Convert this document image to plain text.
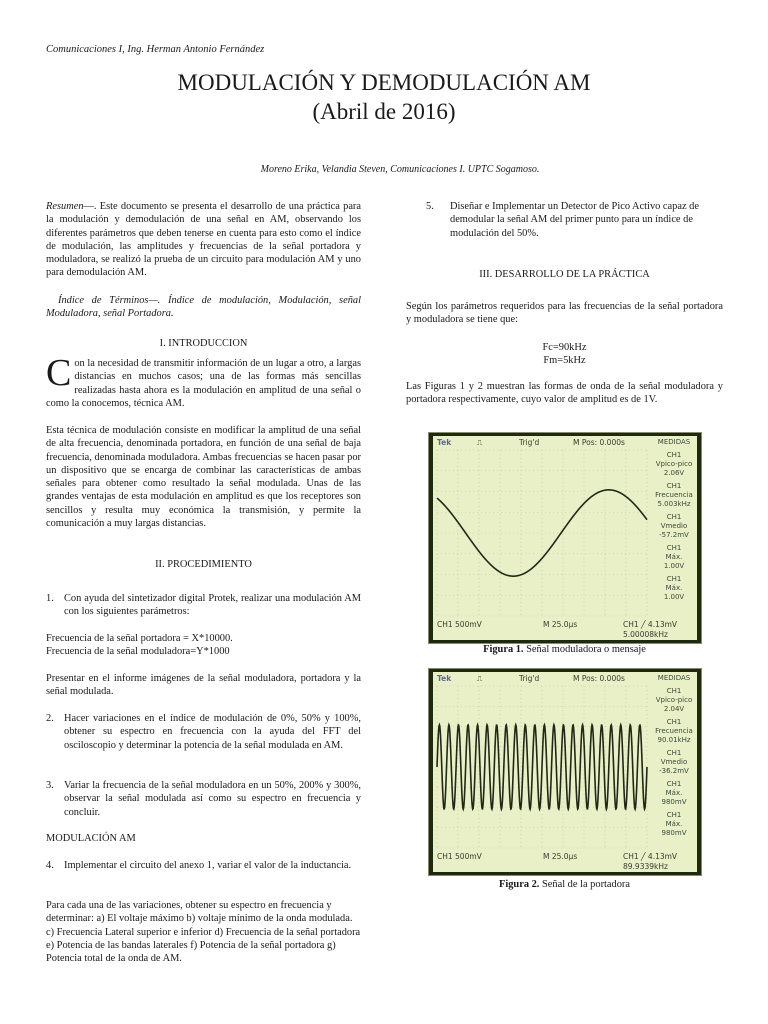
Comunicaciones I, Ing. Herman Antonio Fernández
MODULACIÓN Y DEMODULACIÓN AM
(Abril de 2016)
Moreno Erika, Velandia Steven, Comunicaciones I. UPTC Sogamoso.
Resumen—. Este documento se presenta el desarrollo de una práctica para la modulación y demodulación de una señal en AM, observando los diferentes parámetros que deben tenerse en cuenta para esto como el índice de modulación, las amplitudes y frecuencias de la señal portadora y moduladora, se realizó la prueba de un circuito para modulación AM y uno para demodulación AM.
Índice de Términos—. Índice de modulación, Modulación, señal Moduladora, señal Portadora.
I. INTRODUCCION
Con la necesidad de transmitir información de un lugar a otro, a largas distancias en muchos casos; una de las formas más sencillas realizadas hasta ahora es la modulación en amplitud de una señal o como la conocemos, técnica AM.
Esta técnica de modulación consiste en modificar la amplitud de una señal de alta frecuencia, denominada portadora, en función de una señal de baja frecuencia, denominada moduladora. Ambas frecuencias se hacen pasar por un dispositivo que se encarga de combinar las características de ambas señales para obtener como resultado la señal modulada. Unas de las grandes ventajas de esta modulación en amplitud es que los receptores son sencillos y resulta muy económica la transmisión, y permite la comunicación a muy largas distancias.
II. PROCEDIMIENTO
1. Con ayuda del sintetizador digital Protek, realizar una modulación AM con los siguientes parámetros:
Frecuencia de la señal portadora = X*10000.
Frecuencia de la señal moduladora=Y*1000
Presentar en el informe imágenes de la señal moduladora, portadora y la señal modulada.
2. Hacer variaciones en el índice de modulación de 0%, 50% y 100%, obtener su espectro en frecuencia con la ayuda del FFT del osciloscopio y determinar la potencia de la señal modulada en AM.
3. Variar la frecuencia de la señal moduladora en un 50%, 200% y 300%, observar la señal modulada así como su espectro en frecuencia y concluir.
MODULACIÓN AM
4. Implementar el circuito del anexo 1, variar el valor de la inductancia.
Para cada una de las variaciones, obtener su espectro en frecuencia y determinar: a) El voltaje máximo b) voltaje mínimo de la onda modulada. c) Frecuencia Lateral superior e inferior d) Frecuencia de la señal portadora e) Potencia de las bandas laterales f) Potencia de la señal portadora g) Potencia total de la onda de AM.
5.	Diseñar e Implementar un Detector de Pico Activo capaz de demodular la señal AM del primer punto para un índice de modulación del 50%.
III. DESARROLLO DE LA PRÁCTICA
Según los parámetros requeridos para las frecuencias de la señal portadora y moduladora se tiene que:
Fc=90kHz
Fm=5kHz
Las Figuras 1 y 2 muestran las formas de onda de la señal moduladora y portadora respectivamente, cuyo valor de amplitud es de 1V.
Tek	⎍	Trig'd	M Pos: 0.000s
CH1 500mV	M 25.0µs	CH1 ╱ 4.13mV
5.00008kHz
MEDIDAS
CH1
Vpico-pico
2.06V
CH1
Frecuencia
5.003kHz
CH1
Vmedio
-57.2mV
CH1
Máx.
1.00V
CH1
Máx.
1.00V
Figura 1. Señal moduladora o mensaje
Tek	⎍	Trig'd	M Pos: 0.000s
CH1 500mV	M 25.0µs	CH1 ╱ 4.13mV
89.9339kHz
MEDIDAS
CH1
Vpico-pico
2.04V
CH1
Frecuencia
90.01kHz
CH1
Vmedio
-36.2mV
CH1
Máx.
980mV
CH1
Máx.
980mV
Figura 2. Señal de la portadora
